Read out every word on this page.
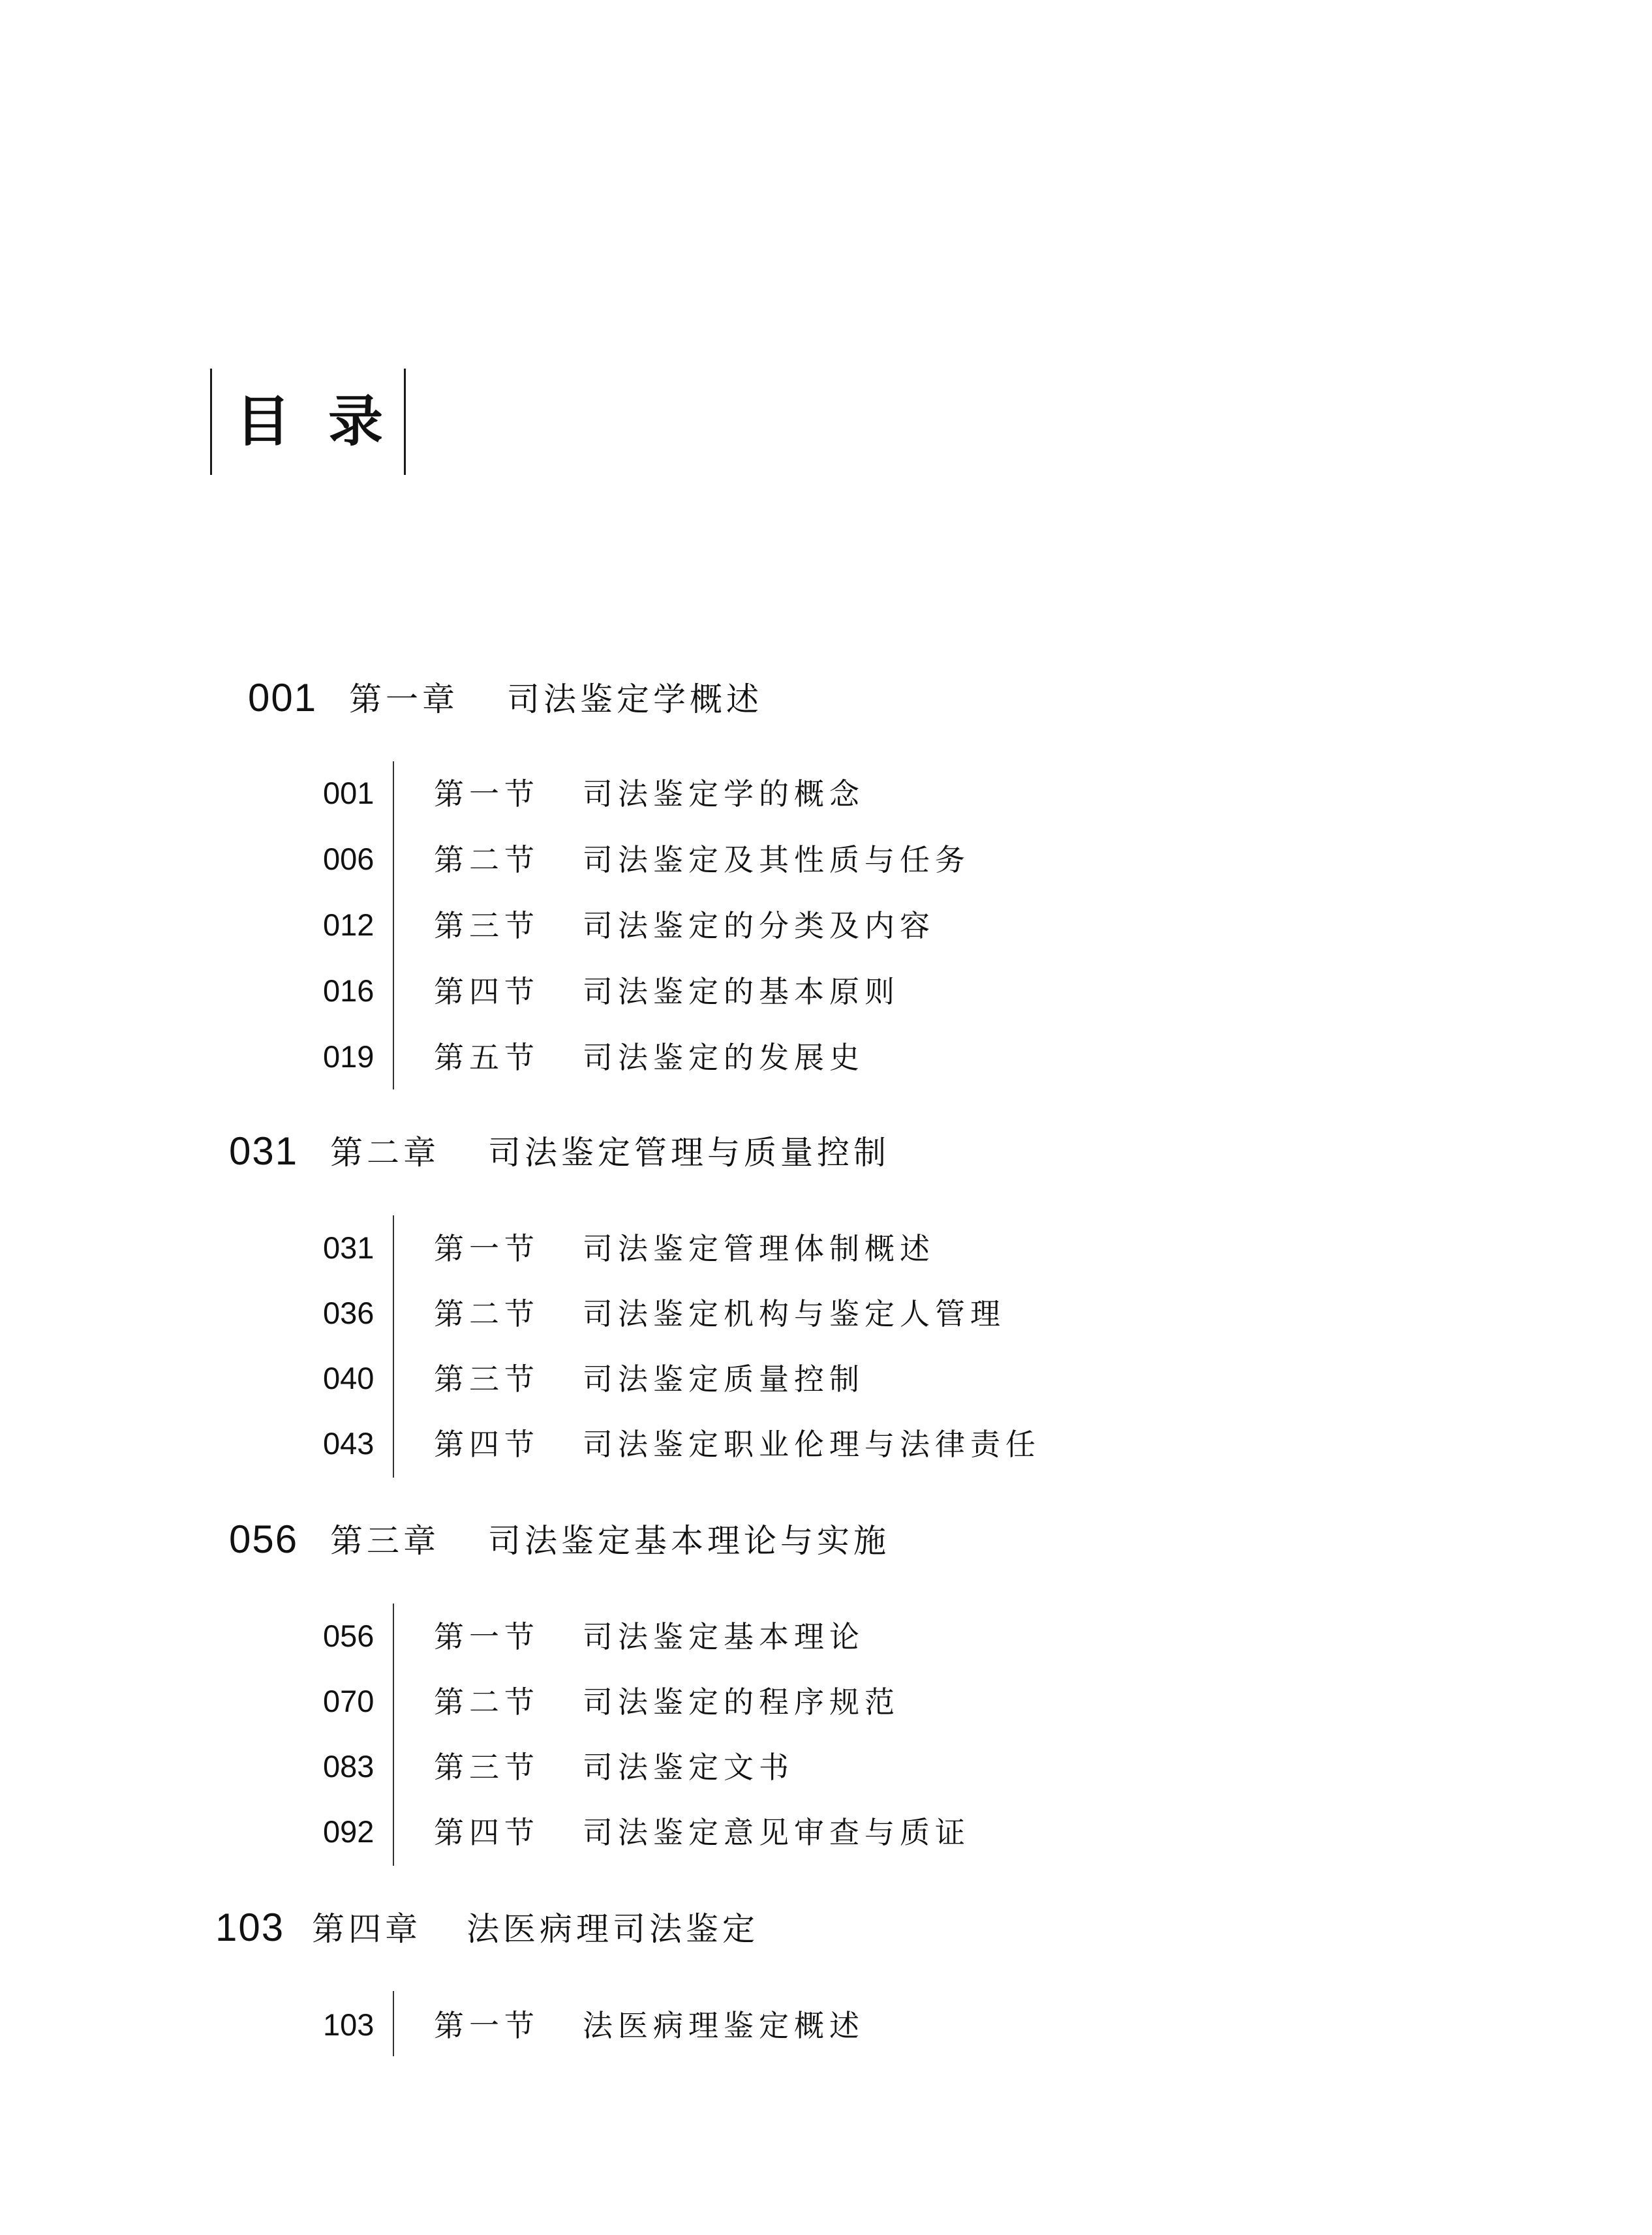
目 录
001 第一章 司法鉴定学概述
001 第一节 司法鉴定学的概念
006 第二节 司法鉴定及其性质与任务
012 第三节 司法鉴定的分类及内容
016 第四节 司法鉴定的基本原则
019 第五节 司法鉴定的发展史
031 第二章 司法鉴定管理与质量控制
031 第一节 司法鉴定管理体制概述
036 第二节 司法鉴定机构与鉴定人管理
040 第三节 司法鉴定质量控制
043 第四节 司法鉴定职业伦理与法律责任
056 第三章 司法鉴定基本理论与实施
056 第一节 司法鉴定基本理论
070 第二节 司法鉴定的程序规范
083 第三节 司法鉴定文书
092 第四节 司法鉴定意见审查与质证
103 第四章 法医病理司法鉴定
103 第一节 法医病理鉴定概述
